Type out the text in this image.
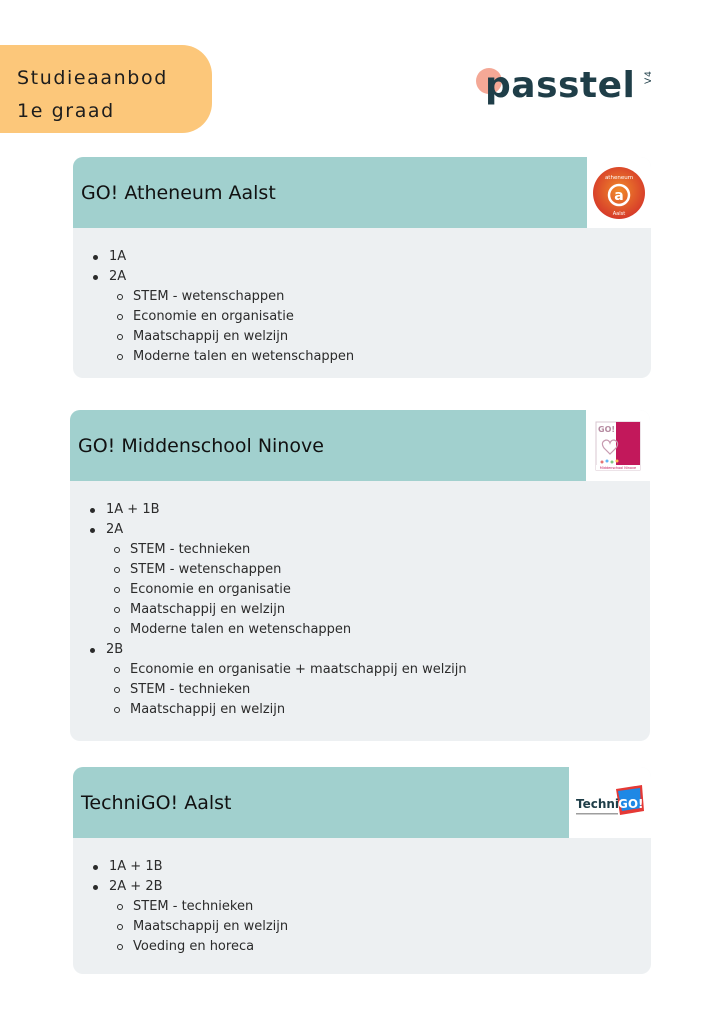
Studieaanbod
1e graad
passtel V4
GO! Atheneum Aalst
atheneum
a
Aalst
1A
2A
STEM - wetenschappen
Economie en organisatie
Maatschappij en welzijn
Moderne talen en wetenschappen
GO! Middenschool Ninove
GO!
Middenschool Ninove
1A + 1B
2A
STEM - technieken
STEM - wetenschappen
Economie en organisatie
Maatschappij en welzijn
Moderne talen en wetenschappen
2B
Economie en organisatie + maatschappij en welzijn
STEM - technieken
Maatschappij en welzijn
TechniGO! Aalst	Techni
GO!
1A + 1B
2A + 2B
STEM - technieken
Maatschappij en welzijn
Voeding en horeca
